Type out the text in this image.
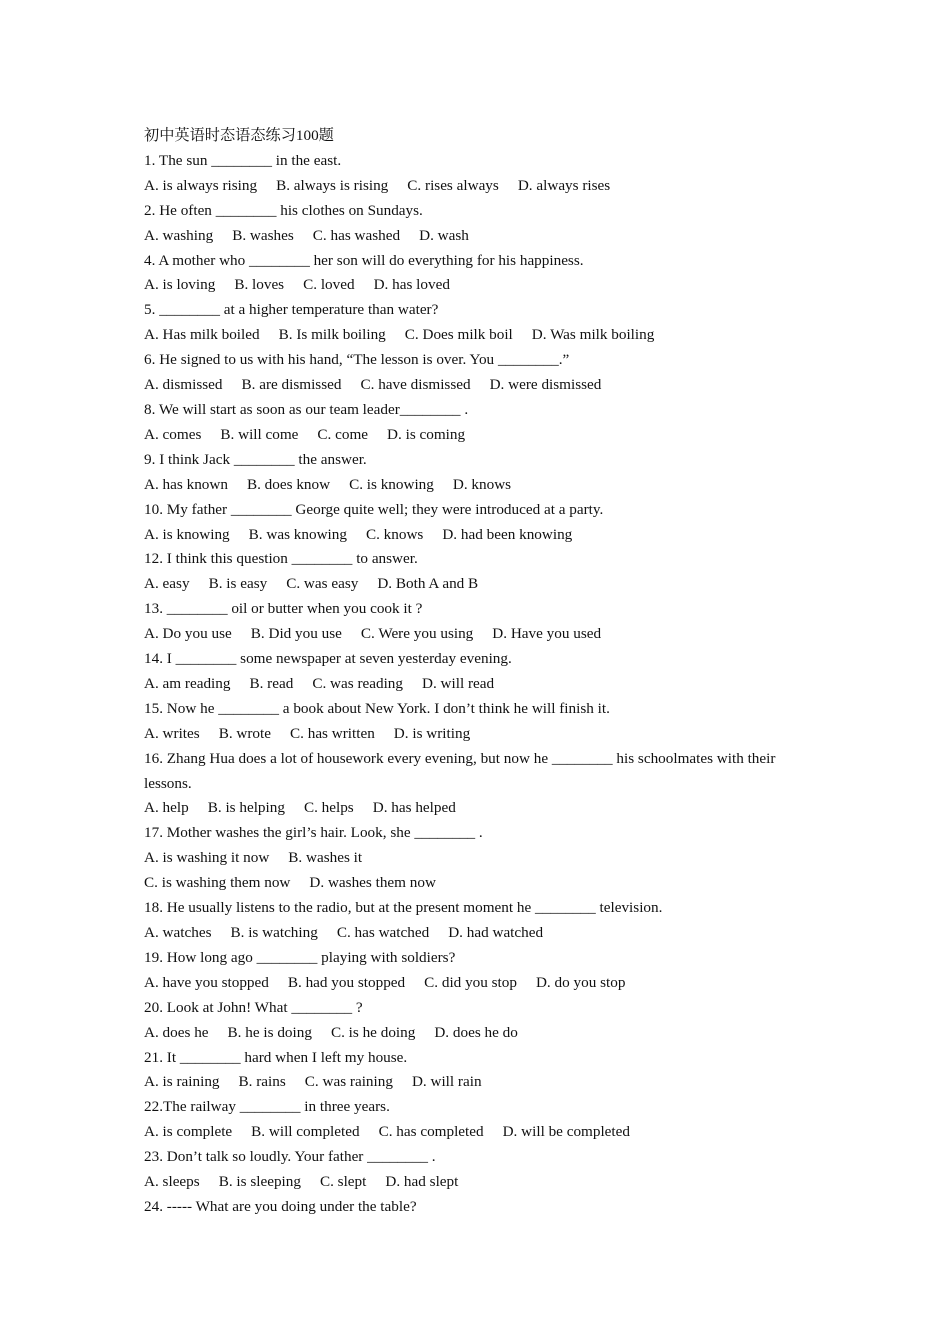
初中英语时态语态练习100题
1. The sun ________ in the east.
A. is always rising B. always is rising C. rises always D. always rises
2. He often ________ his clothes on Sundays.
A. washing B. washes C. has washed D. wash
4. A mother who ________ her son will do everything for his happiness.
A. is loving B. loves C. loved D. has loved
5. ________ at a higher temperature than water?
A. Has milk boiled B. Is milk boiling C. Does milk boil D. Was milk boiling
6. He signed to us with his hand, “The lesson is over. You ________.”
A. dismissed B. are dismissed C. have dismissed D. were dismissed
8. We will start as soon as our team leader________ .
A. comes B. will come C. come D. is coming
9. I think Jack ________ the answer.
A. has known B. does know C. is knowing D. knows
10. My father ________ George quite well; they were introduced at a party.
A. is knowing B. was knowing C. knows D. had been knowing
12. I think this question ________ to answer.
A. easy B. is easy C. was easy D. Both A and B
13. ________ oil or butter when you cook it ?
A. Do you use B. Did you use C. Were you using D. Have you used
14. I ________ some newspaper at seven yesterday evening.
A. am reading B. read C. was reading D. will read
15. Now he ________ a book about New York. I don’t think he will finish it.
A. writes B. wrote C. has written D. is writing
16. Zhang Hua does a lot of housework every evening, but now he ________ his schoolmates with their lessons.
A. help B. is helping C. helps D. has helped
17. Mother washes the girl’s hair. Look, she ________ .
A. is washing it now B. washes it
C. is washing them now D. washes them now
18. He usually listens to the radio, but at the present moment he ________ television.
A. watches B. is watching C. has watched D. had watched
19. How long ago ________ playing with soldiers?
A. have you stopped B. had you stopped C. did you stop D. do you stop
20. Look at John! What ________ ?
A. does he B. he is doing C. is he doing D. does he do
21. It ________ hard when I left my house.
A. is raining B. rains C. was raining D. will rain
22.The railway ________ in three years.
A. is complete B. will completed C. has completed D. will be completed
23. Don’t talk so loudly. Your father ________ .
A. sleeps B. is sleeping C. slept D. had slept
24. ----- What are you doing under the table?
